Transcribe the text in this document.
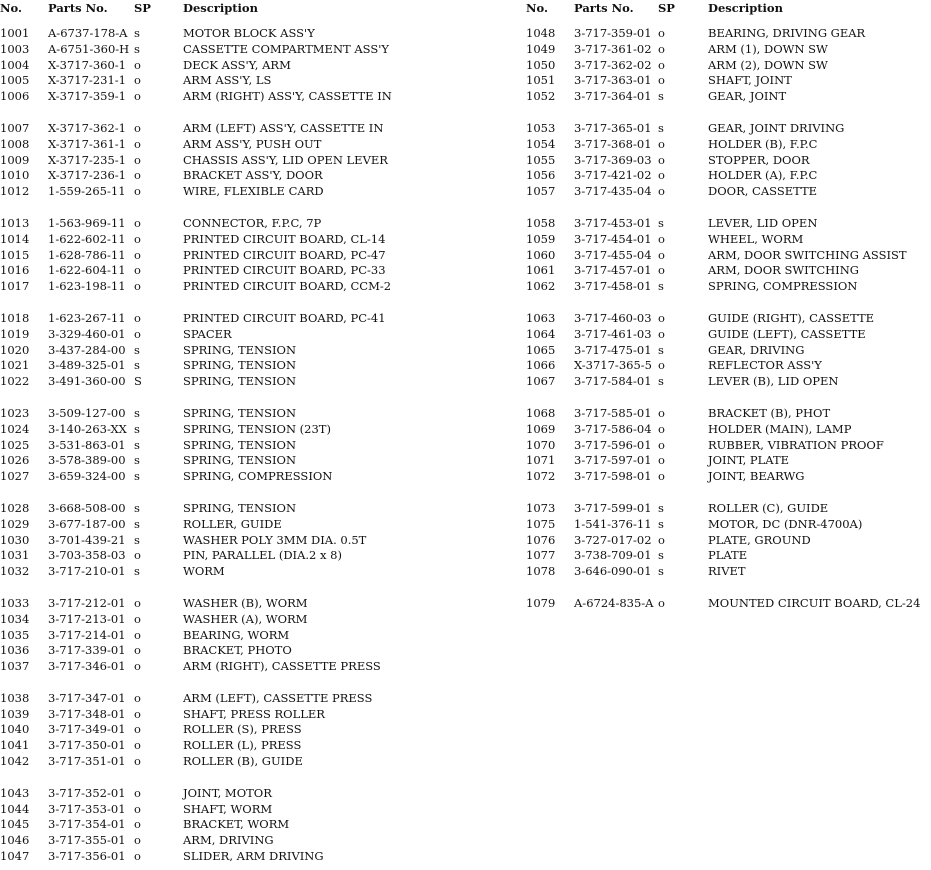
No. Parts No. SP	Description
1001 A-6737-178-A s	MOTOR BLOCK ASS'Y
1003 A-6751-360-H s	CASSETTE COMPARTMENT ASS'Y
1004 X-3717-360-1 o	DECK ASS'Y, ARM
1005 X-3717-231-1 o	ARM ASS'Y, LS
1006 X-3717-359-1 o	ARM (RIGHT) ASS'Y, CASSETTE IN
1007 X-3717-362-1 o	ARM (LEFT) ASS'Y, CASSETTE IN
1008 X-3717-361-1 o	ARM ASS'Y, PUSH OUT
1009 X-3717-235-1 o	CHASSIS ASS'Y, LID OPEN LEVER
1010 X-3717-236-1 o	BRACKET ASS'Y, DOOR
1012 1-559-265-11 o	WIRE, FLEXIBLE CARD
1013 1-563-969-11 o	CONNECTOR, F.P.C, 7P
1014 1-622-602-11 o	PRINTED CIRCUIT BOARD, CL-14
1015 1-628-786-11 o	PRINTED CIRCUIT BOARD, PC-47
1016 1-622-604-11 o	PRINTED CIRCUIT BOARD, PC-33
1017 1-623-198-11 o	PRINTED CIRCUIT BOARD, CCM-2
1018 1-623-267-11 o	PRINTED CIRCUIT BOARD, PC-41
1019 3-329-460-01 o	SPACER
1020 3-437-284-00 s	SPRING, TENSION
1021 3-489-325-01 s	SPRING, TENSION
1022 3-491-360-00 S	SPRING, TENSION
1023 3-509-127-00 s	SPRING, TENSION
1024 3-140-263-XX s	SPRING, TENSION (23T)
1025 3-531-863-01 s	SPRING, TENSION
1026 3-578-389-00 s	SPRING, TENSION
1027 3-659-324-00 s	SPRING, COMPRESSION
1028 3-668-508-00 s	SPRING, TENSION
1029 3-677-187-00 s	ROLLER, GUIDE
1030 3-701-439-21 s	WASHER POLY 3MM DIA. 0.5T
1031 3-703-358-03 o	PIN, PARALLEL (DIA.2 x 8)
1032 3-717-210-01 s	WORM
1033 3-717-212-01 o	WASHER (B), WORM
1034 3-717-213-01 o	WASHER (A), WORM
1035 3-717-214-01 o	BEARING, WORM
1036 3-717-339-01 o	BRACKET, PHOTO
1037 3-717-346-01 o	ARM (RIGHT), CASSETTE PRESS
1038 3-717-347-01 o	ARM (LEFT), CASSETTE PRESS
1039 3-717-348-01 o	SHAFT, PRESS ROLLER
1040 3-717-349-01 o	ROLLER (S), PRESS
1041 3-717-350-01 o	ROLLER (L), PRESS
1042 3-717-351-01 o	ROLLER (B), GUIDE
1043 3-717-352-01 o	JOINT, MOTOR
1044 3-717-353-01 o	SHAFT, WORM
1045 3-717-354-01 o	BRACKET, WORM
1046 3-717-355-01 o	ARM, DRIVING
1047 3-717-356-01 o	SLIDER, ARM DRIVING
No. Parts No. SP	Description
1048 3-717-359-01 o	BEARING, DRIVING GEAR
1049 3-717-361-02 o	ARM (1), DOWN SW
1050 3-717-362-02 o	ARM (2), DOWN SW
1051 3-717-363-01 o	SHAFT, JOINT
1052 3-717-364-01 s	GEAR, JOINT
1053 3-717-365-01 s	GEAR, JOINT DRIVING
1054 3-717-368-01 o	HOLDER (B), F.P.C
1055 3-717-369-03 o	STOPPER, DOOR
1056 3-717-421-02 o	HOLDER (A), F.P.C
1057 3-717-435-04 o	DOOR, CASSETTE
1058 3-717-453-01 s	LEVER, LID OPEN
1059 3-717-454-01 o	WHEEL, WORM
1060 3-717-455-04 o	ARM, DOOR SWITCHING ASSIST
1061 3-717-457-01 o	ARM, DOOR SWITCHING
1062 3-717-458-01 s	SPRING, COMPRESSION
1063 3-717-460-03 o	GUIDE (RIGHT), CASSETTE
1064 3-717-461-03 o	GUIDE (LEFT), CASSETTE
1065 3-717-475-01 s	GEAR, DRIVING
1066 X-3717-365-5 o	REFLECTOR ASS'Y
1067 3-717-584-01 s	LEVER (B), LID OPEN
1068 3-717-585-01 o	BRACKET (B), PHOT
1069 3-717-586-04 o	HOLDER (MAIN), LAMP
1070 3-717-596-01 o	RUBBER, VIBRATION PROOF
1071 3-717-597-01 o	JOINT, PLATE
1072 3-717-598-01 o	JOINT, BEARWG
1073 3-717-599-01 s	ROLLER (C), GUIDE
1075 1-541-376-11 s	MOTOR, DC (DNR-4700A)
1076 3-727-017-02 o	PLATE, GROUND
1077 3-738-709-01 s	PLATE
1078 3-646-090-01 s	RIVET
1079 A-6724-835-A o	MOUNTED CIRCUIT BOARD, CL-24
